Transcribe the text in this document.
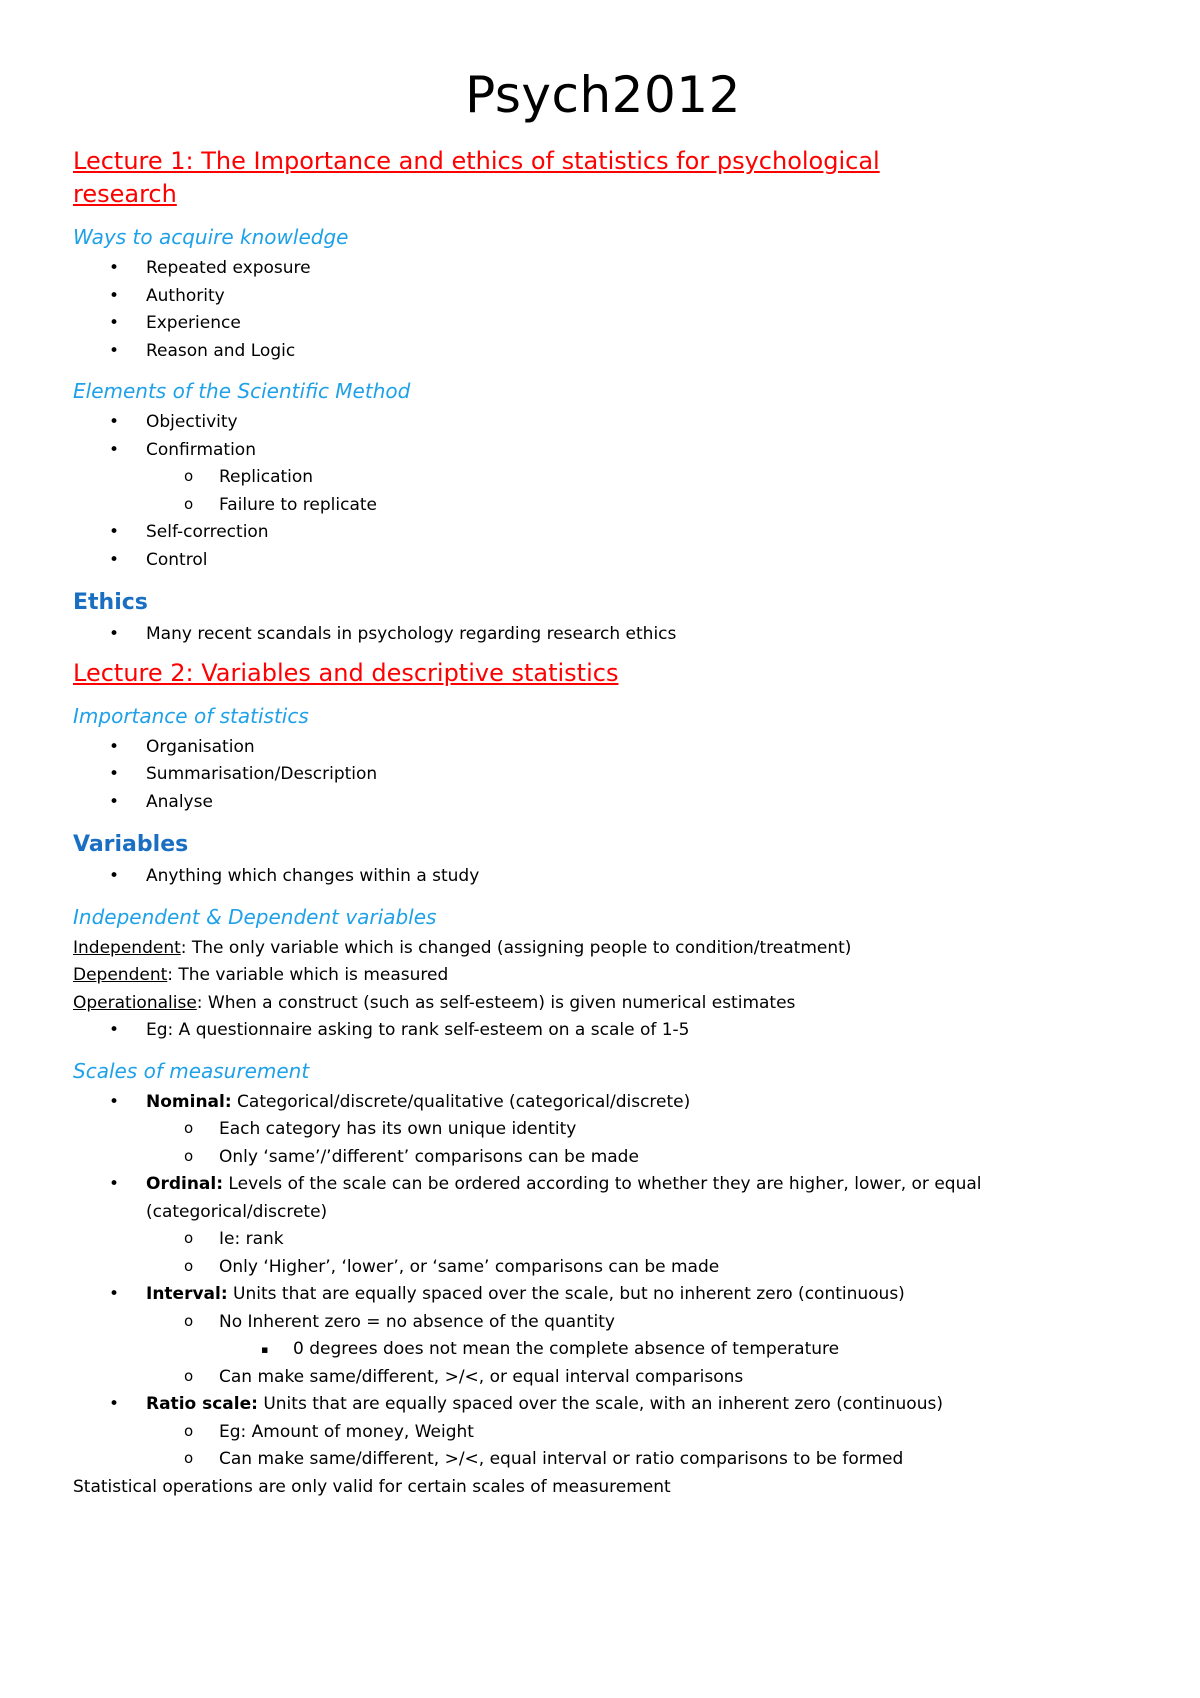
Psych2012
Lecture 1: The Importance and ethics of statistics for psychological
research
Ways to acquire knowledge
• Repeated exposure
• Authority
• Experience
• Reason and Logic
Elements of the Scientific Method
• Objectivity
• Confirmation
o Replication
o Failure to replicate
• Self-correction
• Control
Ethics
• Many recent scandals in psychology regarding research ethics
Lecture 2: Variables and descriptive statistics
Importance of statistics
• Organisation
• Summarisation/Description
• Analyse
Variables
• Anything which changes within a study
Independent & Dependent variables

Independent: The only variable which is changed (assigning people to condition/treatment)

Dependent: The variable which is measured

Operationalise: When a construct (such as self-esteem) is given numerical estimates

• Eg: A questionnaire asking to rank self-esteem on a scale of 1-5
Scales of measurement
• Nominal: Categorical/discrete/qualitative (categorical/discrete)
o Each category has its own unique identity
o Only ‘same’/’different’ comparisons can be made
• Ordinal: Levels of the scale can be ordered according to whether they are higher, lower, or equal (categorical/discrete)
o Ie: rank
o Only ‘Higher’, ‘lower’, or ‘same’ comparisons can be made
• Interval: Units that are equally spaced over the scale, but no inherent zero (continuous)
o No Inherent zero = no absence of the quantity
▪ 0 degrees does not mean the complete absence of temperature
o Can make same/different, >/<, or equal interval comparisons
• Ratio scale: Units that are equally spaced over the scale, with an inherent zero (continuous)
o Eg: Amount of money, Weight
o Can make same/different, >/<, equal interval or ratio comparisons to be formed

Statistical operations are only valid for certain scales of measurement
